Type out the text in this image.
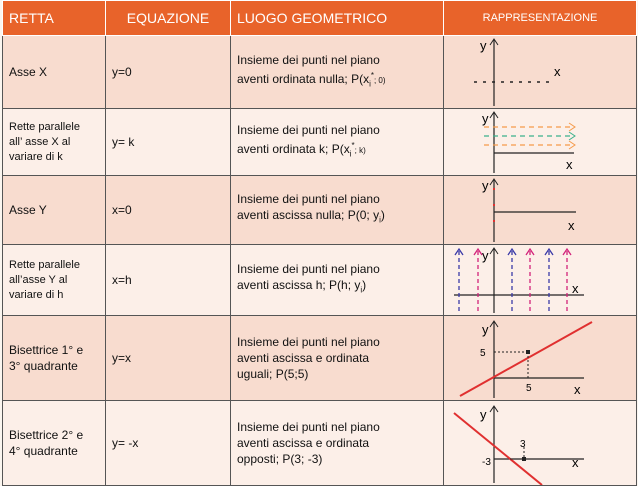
RETTA	EQUAZIONE	LUOGO GEOMETRICO	RAPPRESENTAZIONE
Asse X	y=0	Insieme dei punti nel piano
aventi ordinata nulla; $P(x_i^*$; 0)	y
x

Rette parallele
all’ asse X al
variare di k	y= k	Insieme dei punti nel piano
aventi ordinata k; $P(x_i^*$; k)	y
x

Asse Y	x=0	Insieme dei punti nel piano
aventi ascissa nulla; P(0; $y_i$)	y
x

Rette parallele
all’asse Y al
variare di h	x=h	Insieme dei punti nel piano
aventi ascissa h; P(h; $y_i$)	y
x

Bisettrice 1° e
3° quadrante	y=x	Insieme dei punti nel piano
aventi ascissa e ordinata
uguali; P(5;5)	y
5
5 x

Bisettrice 2° e
4° quadrante	y= -x	Insieme dei punti nel piano
aventi ascissa e ordinata
opposti; P(3; -3)	y
3
-3 x
